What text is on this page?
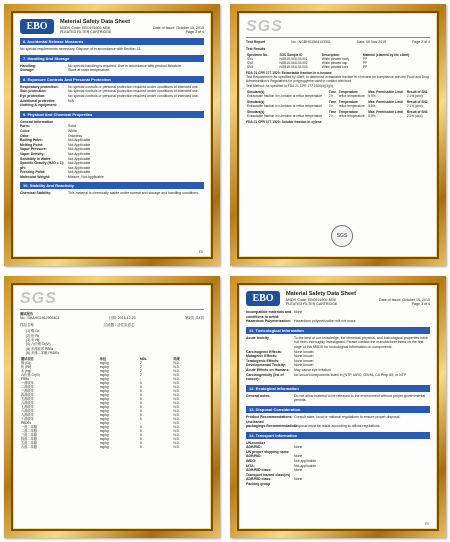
EBO	Material Safety Data Sheet
MSDS Code: EBO151602-M08	Date of Issue: October 15, 2015
PLEATED FILTER CARTRIDGE	Page 3 of 4
6. Accidental Release Measures
No special requirements necessary. Dispose of in accordance with Section 13.
7. Handling And Storage
Handling:	No special handling is required. Use in accordance with product literature.
Storage:	Store at room temperature.
8. Exposure Controls And Personal Protection
Respiratory protection:	No special controls or personal protection required under conditions of intended use.
Skin protection:	No special controls or personal protection required under conditions of intended use.
Eye protection:	No special controls or personal protection required under conditions of intended use.
Additional protective clothing & equipment:
N/A
9. Physical And Chemical Properties
General Information
Form:	Solid
Color:	White
Odor:	Odorless
Boiling Point:	Not Applicable
Melting Point:	Not Applicable
Vapor Pressure:	Not Applicable
Vapor Density:	Not Applicable
Solubility in Water:	Not Applicable
Specific Gravity (H2O = 1):	Not Applicable
pH:	Not Applicable
Freezing Point:	Not Applicable
Molecular Weight:	Mixture, Not Applicable
10. Stability And Reactivity
Chemical Stability:	This material is chemically stable under normal and storage and handling conditions.
E8
SGS
Test Report	No.: NGBHG1504133301	Date: 09 Nov 2015	Page 2 of 4
Test Results
Specimen No.	SGS Sample ID	Description	Material (claimed by the client)
SN1	NGB15-041133.001	White pleated body	PP
SN2	NGB15-041133.002	White pleated cap	PP
SN3	NGB15-041133.003	White pleated core	PP
FDA 21 CFR 177.1520: Extractable fraction in n-hexane
Test Requirement: As specified by client, to determine extractable fraction in n-hexane for compliance with the Food and Drug Administration's Regulations for polypropylene used in contact with food
Test Method: As specified in FDA 21 CFR 177.1520(d)(3)(ii)
Simulant(s)	Time	Temperature	Max. Permissible Limit	Result of SN1
Extractable fraction in n-hexane at reflux temperature	2 h	reflux temperature	5.5%	2.1% (w/w)
Simulant(s)	Time	Temperature	Max. Permissible Limit	Result of SN2
Extractable fraction in n-hexane at reflux temperature	2 h	reflux temperature	5.5%	2.1% (w/w)
Simulant(s)	Time	Temperature	Max. Permissible Limit	Result of SN3
Extractable fraction in n-hexane at reflux temperature	2 h	reflux temperature	5.5%	2.1% (w/w)
FDA 21 CFR 177.1520: Soluble fraction in xylene
SGS
SGS
测试报告
No.: SHAHG1512903401	日期: 2015-12-23	第2页 共4页
样品名称	过滤器 / 活性炭滤芯
(1) 镉 Cd
(2) 铅 Pb
(3) 汞 Hg
(4) 六价铬 Cr(VI)
(5) 多溴联苯 PBBs
(6) 多溴二苯醚 PBDEs
测试项目	单位	MDL	结果
镉 (Cd)	mg/kg	2	N.D.
铅 (Pb)	mg/kg	2	N.D.
汞 (Hg)	mg/kg	2	N.D.
六价铬 Cr(VI)	mg/kg	2	N.D.
PBBs	mg/kg	-	N.D.
一溴联苯	mg/kg	5	N.D.
二溴联苯	mg/kg	5	N.D.
三溴联苯	mg/kg	5	N.D.
四溴联苯	mg/kg	5	N.D.
五溴联苯	mg/kg	5	N.D.
六溴联苯	mg/kg	5	N.D.
七溴联苯	mg/kg	5	N.D.
八溴联苯	mg/kg	5	N.D.
九溴联苯	mg/kg	5	N.D.
十溴联苯	mg/kg	5	N.D.
PBDEs	mg/kg	-	N.D.
一溴二苯醚	mg/kg	5	N.D.
二溴二苯醚	mg/kg	5	N.D.
三溴二苯醚	mg/kg	5	N.D.
四溴二苯醚	mg/kg	5	N.D.
五溴二苯醚	mg/kg	5	N.D.
六溴二苯醚	mg/kg	5	N.D.
EBO	Material Safety Data Sheet
MSDS Code: EBO151602-M08	Date of Issue: October 15, 2015
PLEATED FILTER CARTRIDGE	Page 3 of 4
Incompatible materials and conditions to avoid:
None
Hazardous Polymerization: Hazardous polymerization will not occur.
11. Toxicological Information
Acute toxicity	To the best of our knowledge, the chemical, physical, and toxicological properties have not been thoroughly investigated. Please contact the manufacturer listed on the first page of this MSDS for toxicological information on components.
Carcinogenic Effects:	None known
Mutagenic Effects:	None known
Teratogenic Effects:	None known
Developmental Toxicity:	None known
Acute Effects on Humans:	May cause eye irritation
Carcinogenicity (list of cancer):
No known components listed in (NTP, IARC, OSHA, CA Prop 65, or NTP
12. Ecological Information
General notes:	Do not allow material to be released to the environment without proper governmental permits.
13. Disposal Consideration
Product Recommendations: Consult state, local or national regulations to ensure proper disposal.
Uncleaned
packagings:Recommendation:
Disposal must be made according to official regulations.
14. Transport Information
UN-number
ADR/RID:	None
UN proper shipping name
ADR/RID:	None
IMDG:	Not applicable
IATA:	Not applicable
ADR/RID class:	None
Transport hazard class(es)
ADR/RID class:	None
Packing group
E9
